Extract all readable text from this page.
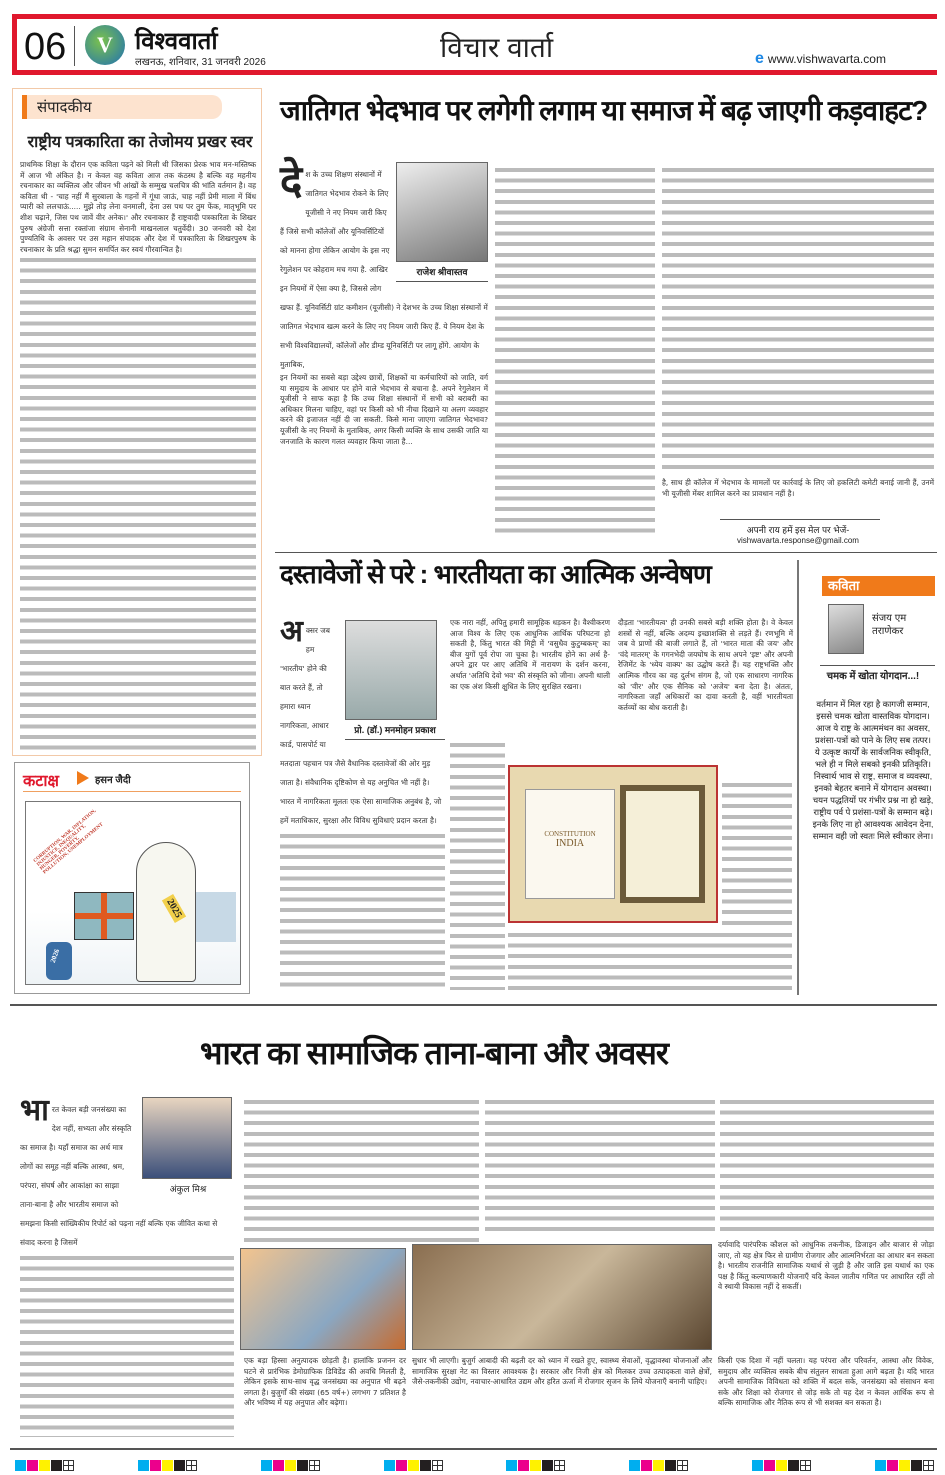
06	V विश्ववार्ता
लखनऊ, शनिवार, 31 जनवरी 2026	विचार वार्ता	e www.vishwavarta.com
संपादकीय
राष्ट्रीय पत्रकारिता का तेजोमय प्रखर स्वर
प्राथमिक शिक्षा के दौरान एक कविता पढ़ने को मिली थी जिसका प्रेरक भाव मन-मस्तिष्क में आज भी अंकित है। न केवल वह कविता आज तक कंठस्थ है बल्कि वह महनीय रचनाकार का व्यक्तित्व और जीवन भी आंखों के सम्मुख चलचित्र की भांति वर्तमान है। वह कविता थी - 'चाह नहीं मैं सुरबाला के गहनों में गूंथा जाऊं, चाह नहीं प्रेमी माला में बिंध प्यारी को ललचाऊं..... मुझे तोड़ लेना वनमाली, देना उस पथ पर तुम फेंक, मातृभूमि पर शीश चढ़ाने, जिस पथ जावें वीर अनेक।' और रचनाकार हैं राष्ट्रवादी पत्रकारिता के शिखर पुरुष अंग्रेजी सत्ता रक्तांजा संग्राम सेनानी माखनलाल चतुर्वेदी। 30 जनवरी को देश पुण्यतिथि के अवसर पर उस महान संपादक और देश में पत्रकारिता के शिखरपुरुष के रचनाकार के प्रति श्रद्धा सुमन समर्पित कर स्वयं गौरवान्वित है।
कटाक्ष	हसन जैदी
CORRUPTION, WAR, INFLATION, INJUSTICE, INEQUALITY, HUNGER, POVERTY, POLLUTION, UNEMPLOYMENT
2025
2026
जातिगत भेदभाव पर लगेगी लगाम या समाज में बढ़ जाएगी कड़वाहट?
राजेश श्रीवास्तव
दे श के उच्च शिक्षण संस्थानों में जातिगत भेदभाव रोकने के लिए यूजीसी ने नए नियम जारी किए हैं जिसे सभी कॉलेजों और यूनिवर्सिटियों को मानना होगा लेकिन आयोग के इस नए रेगुलेशन पर कोहराम मच गया है. आखिर इन नियमों में ऐसा क्या है, जिससे लोग खफा हैं. यूनिवर्सिटी ग्रांट कमीशन (यूजीसी) ने देशभर के उच्च शिक्षा संस्थानों में जातिगत भेदभाव खत्म करने के लिए नए नियम जारी किए हैं. ये नियम देश के सभी विश्वविद्यालयों, कॉलेजों और डीम्ड यूनिवर्सिटी पर लागू होंगे. आयोग के मुताबिक,
इन नियमों का सबसे बड़ा उद्देश्य छात्रों, शिक्षकों या कर्मचारियों को जाति, वर्ग या समुदाय के आधार पर होने वाले भेदभाव से बचाना है. अपने रेगुलेशन में यूजीसी ने साफ कहा है कि उच्च शिक्षा संस्थानों में सभी को बराबरी का अधिकार मिलना चाहिए, वहां पर किसी को भी नीचा दिखाने या अलग व्यवहार करने की इजाजत नहीं दी जा सकती. किसे माना जाएगा जातिगत भेदभाव? यूजीसी के नए नियमों के मुताबिक, अगर किसी व्यक्ति के साथ उसकी जाति या जनजाति के कारण गलत व्यवहार किया जाता है...
है, साथ ही कॉलेज में भेदभाव के मामलों पर कार्रवाई के लिए जो हकलिटी कमेटी बनाई जानी हैं, उनमें भी यूजीसी मेंबर शामिल करने का प्रावधान नहीं है।
अपनी राय हमें इस मेल पर भेजें-
vishwavarta.response@gmail.com
दस्तावेजों से परे : भारतीयता का आत्मिक अन्वेषण
प्रो. (डॉ.) मनमोहन प्रकाश
अ क्सर जब हम 'भारतीय' होने की बात करते हैं, तो हमारा ध्यान नागरिकता, आधार कार्ड, पासपोर्ट या मतदाता पहचान पत्र जैसे वैधानिक दस्तावेजों की ओर मुड़ जाता है। संवैधानिक दृष्टिकोण से यह अनुचित भी नहीं है। भारत में नागरिकता मूलतः एक ऐसा सामाजिक अनुबंध है, जो हमें मताधिकार, सुरक्षा और विविध सुविधाएं प्रदान करता है।
एक नारा नहीं, अपितु हमारी सामूहिक धड़कन है। वैश्वीकरण आज विश्व के लिए एक आधुनिक आर्थिक परिघटना हो सकती है, किंतु भारत की मिट्टी में 'वसुधैव कुटुम्बकम्' का बीज युगों पूर्व रोपा जा चुका है। भारतीय होने का अर्थ है-अपने द्वार पर आए अतिथि में नारायण के दर्शन करना, अर्थात 'अतिथि देवो भव' की संस्कृति को जीना। अपनी थाली का एक अंश किसी क्षुधित के लिए सुरक्षित रखना।
दौड़ता 'भारतीयत्व' ही उनकी सबसे बड़ी शक्ति होता है। वे केवल शस्त्रों से नहीं, बल्कि अदम्य इच्छाशक्ति से लड़ते हैं। रणभूमि में जब वे प्राणों की बाजी लगाते हैं, तो 'भारत माता की जय' और 'वंदे मातरम्' के गगनभेदी जयघोष के साथ अपने 'इष्ट' और अपनी रेजिमेंट के 'ध्येय वाक्य' का उद्घोष करते हैं। यह राष्ट्रभक्ति और आत्मिक गौरव का वह दुर्लभ संगम है, जो एक साधारण नागरिक को 'वीर' और एक सैनिक को 'अजेय' बना देता है। अंततः, नागरिकता जहाँ अधिकारों का दावा करती है, वहीं भारतीयता कर्तव्यों का बोध कराती है।
CONSTITUTION
INDIA
कविता
संजय एम तराणेकर
चमक में खोता योगदान...!
वर्तमान में मिल रहा है कागजी सम्मान,
इससे चमक खोता वास्तविक योगदान।
आज ये राष्ट्र के आत्ममंथन का अवसर,
प्रशंसा-पत्रों को पाने के लिए सब तत्पर।
ये उत्कृष्ट कार्यों के सार्वजनिक स्वीकृति,
भले ही न मिले सबको इनकी प्रतिकृति।
निस्वार्थ भाव से राष्ट्र, समाज व व्यवस्था,
इनको बेहतर बनाने में योगदान अवस्था।
चयन पद्धतियों पर गंभीर प्रश्न ना हो खड़े,
राष्ट्रीय पर्व पे प्रशंसा-पत्रों के सम्मान बढ़े।
इनके लिए ना हो आवश्यक आवेदन देना,
सम्मान वही जो स्वतः मिले स्वीकार लेना।
भारत का सामाजिक ताना-बाना और अवसर
अंकुल मिश्र
भा रत केवल बड़ी जनसंख्या का देश नहीं, सभ्यता और संस्कृति का समाज है। यहाँ समाज का अर्थ मात्र लोगों का समूह नहीं बल्कि आस्था, श्रम, परंपरा, संघर्ष और आकांक्षा का साझा ताना-बाना है और भारतीय समाज को समझना किसी सांख्यिकीय रिपोर्ट को पढ़ना नहीं बल्कि एक जीवित कथा से संवाद करना है जिसमें
एक बड़ा हिस्सा अनुत्पादक छोड़ती है। हालांकि प्रजनन दर घटने से प्रारंभिक डेमोग्राफिक डिविडेंड की अवधि मिलती है, लेकिन इसके साथ-साथ वृद्ध जनसंख्या का अनुपात भी बढ़ने लगता है। बुजुर्गों की संख्या (65 वर्ष+) लगभग 7 प्रतिशत है और भविष्य में यह अनुपात और बढ़ेगा।
सुधार भी लाएगी। बुजुर्ग आबादी की बढ़ती दर को ध्यान में रखते हुए, स्वास्थ्य सेवाओं, वृद्धावस्था योजनाओं और सामाजिक सुरक्षा नेट का विस्तार आवश्यक है। सरकार और निजी क्षेत्र को मिलकर उच्च उत्पादकता वाले क्षेत्रों, जैसे-तकनीकी उद्योग, नवाचार-आधारित उद्यम और हरित ऊर्जा में रोजगार सृजन के लिये योजनाएँ बनानी चाहिए।
दर्यावादि पारंपरिक कौशल को आधुनिक तकनीक, डिजाइन और बाजार से जोड़ा जाए, तो यह क्षेत्र फिर से ग्रामीण रोजगार और आत्मनिर्भरता का आधार बन सकता है। भारतीय राजनीति सामाजिक यथार्थ से जुड़ी है और जाति इस यथार्थ का एक पक्ष है किंतु कल्याणकारी योजनाएँ यदि केवल जातीय गणित पर आधारित रहीं तो वे स्थायी विकास नहीं दे सकतीं।
किसी एक दिशा में नहीं चलता। यह परंपरा और परिवर्तन, आस्था और विवेक, समुदाय और व्यक्तित्व सबके बीच संतुलन साधता हुआ आगे बढ़ता है। यदि भारत अपनी सामाजिक विविधता को शक्ति में बदल सके, जनसंख्या को संसाधन बना सके और शिक्षा को रोजगार से जोड़ सके तो यह देश न केवल आर्थिक रूप से बल्कि सामाजिक और नैतिक रूप से भी सशक्त बन सकता है।
